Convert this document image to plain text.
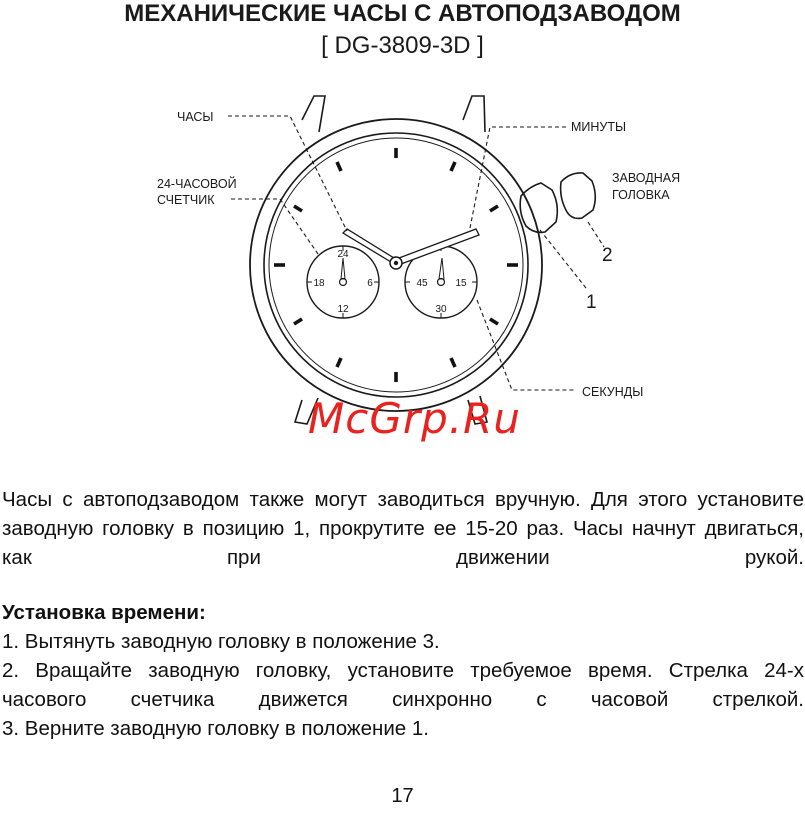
МЕХАНИЧЕСКИЕ ЧАСЫ С АВТОПОДЗАВОДОМ
[ DG-3809-3D ]
24
18	6
12
45	15
30
ЧАСЫ
МИНУТЫ
24-ЧАСОВОЙ
СЧЕТЧИК
ЗАВОДНАЯ
ГОЛОВКА
СЕКУНДЫ
2
1
McGrp.Ru

Часы с автоподзаводом также могут заводиться вручную. Для этого установите заводную головку в позицию 1, прокрутите ее 15-20 раз. Часы начнут двигаться, как при движении рукой.

Установка времени:
1. Вытянуть заводную головку в положение 3.
2. Вращайте заводную головку, установите требуемое время. Стрелка 24-х часового счетчика движется синхронно с часовой стрелкой.
3. Верните заводную головку в положение 1.
17
